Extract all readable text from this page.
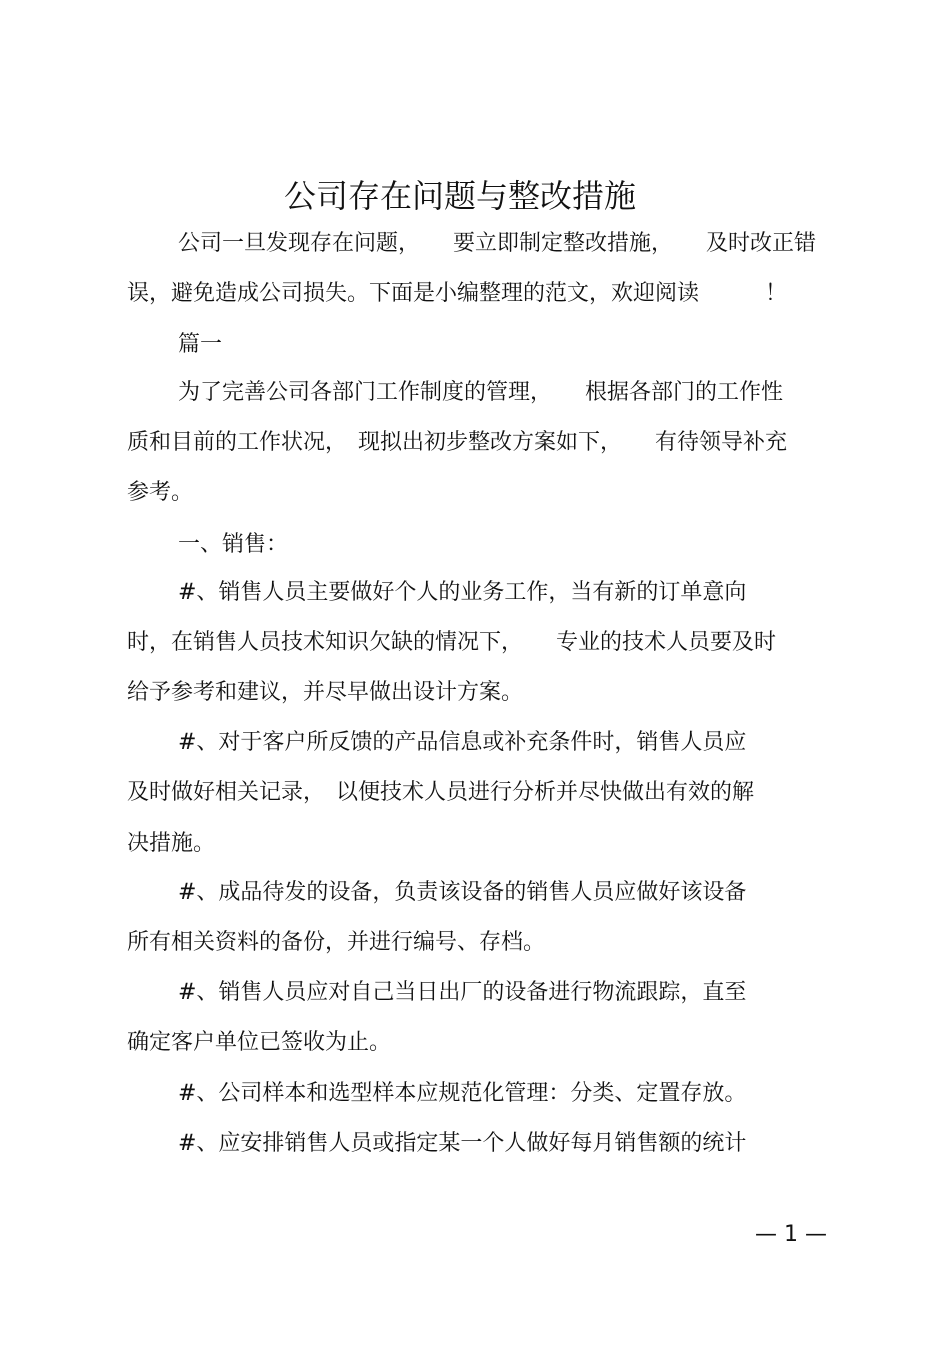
公司存在问题与整改措施
公司一旦发现存在问题，　　要立即制定整改措施，　　及时改正错
误，避免造成公司损失。下面是小编整理的范文，欢迎阅读　　　！
篇一
为了完善公司各部门工作制度的管理，　　根据各部门的工作性
质和目前的工作状况，　现拟出初步整改方案如下，　　有待领导补充
参考。
一、销售：
#、销售人员主要做好个人的业务工作，当有新的订单意向
时，在销售人员技术知识欠缺的情况下，　　专业的技术人员要及时
给予参考和建议，并尽早做出设计方案。
#、对于客户所反馈的产品信息或补充条件时，销售人员应
及时做好相关记录，　以便技术人员进行分析并尽快做出有效的解
决措施。
#、成品待发的设备，负责该设备的销售人员应做好该设备
所有相关资料的备份，并进行编号、存档。
#、销售人员应对自己当日出厂的设备进行物流跟踪，直至
确定客户单位已签收为止。
#、公司样本和选型样本应规范化管理：分类、定置存放。
#、应安排销售人员或指定某一个人做好每月销售额的统计
— 1 —
